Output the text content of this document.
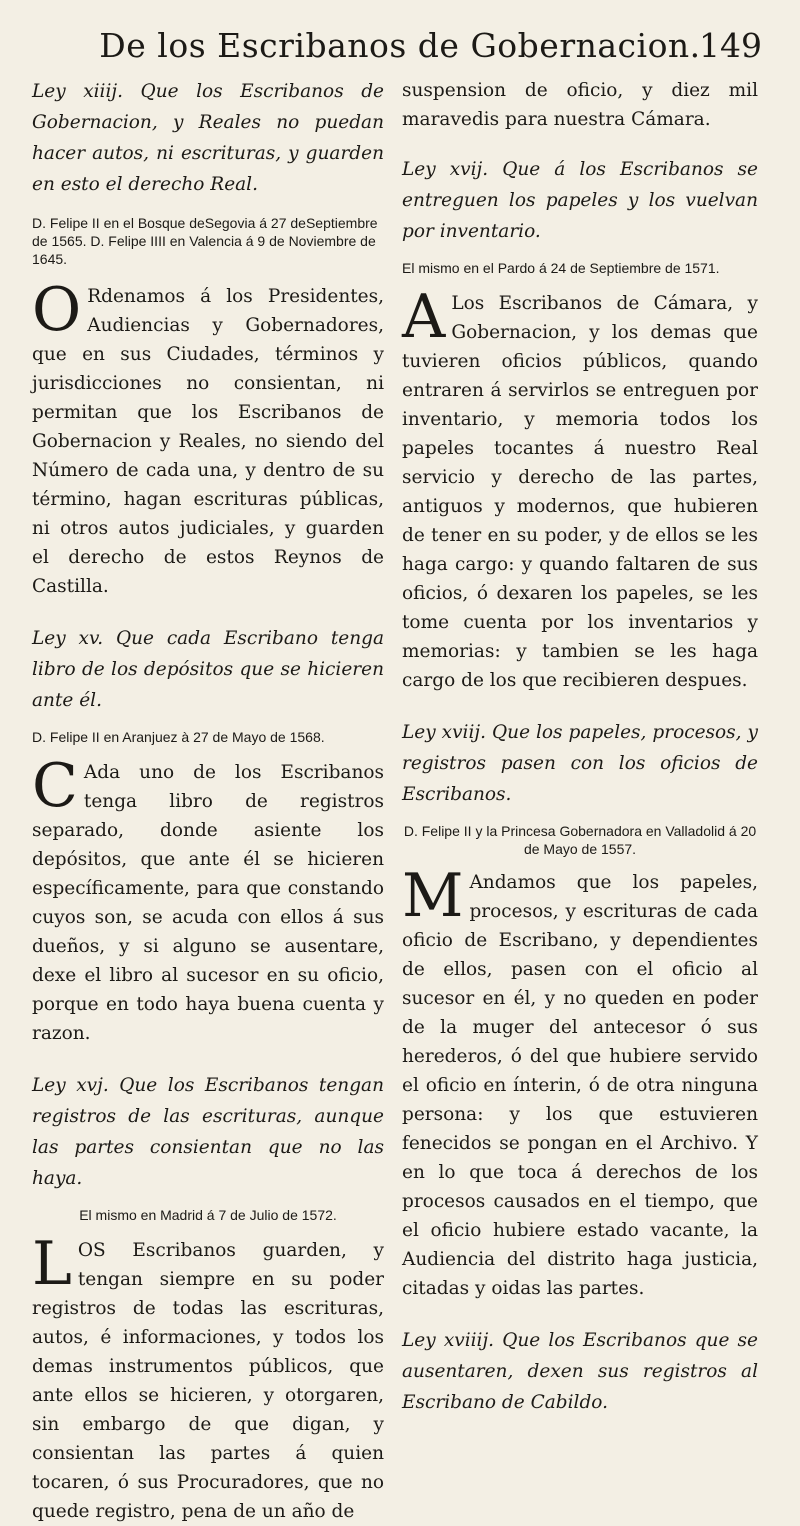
De los Escribanos de Gobernacion.
149

Ley xiiij. Que los Escribanos de Gobernacion, y Reales no puedan hacer autos, ni escrituras, y guarden en esto el derecho Real.

D. Felipe II en el Bosque deSegovia á 27 deSeptiembre de 1565. D. Felipe IIII en Valencia á 9 de Noviembre de 1645.

O Rdenamos á los Presidentes, Audiencias y Gobernadores, que en sus Ciudades, términos y jurisdicciones no consientan, ni permitan que los Escribanos de Gobernacion y Reales, no siendo del Número de cada una, y dentro de su término, hagan escrituras públicas, ni otros autos judiciales, y guarden el derecho de estos Reynos de Castilla.

Ley xv. Que cada Escribano tenga libro de los depósitos que se hicieren ante él.

D. Felipe II en Aranjuez à 27 de Mayo de 1568.

C Ada uno de los Escribanos tenga libro de registros separado, donde asiente los depósitos, que ante él se hicieren específicamente, para que constando cuyos son, se acuda con ellos á sus dueños, y si alguno se ausentare, dexe el libro al sucesor en su oficio, porque en todo haya buena cuenta y razon.

Ley xvj. Que los Escribanos tengan registros de las escrituras, aunque las partes consientan que no las haya.

El mismo en Madrid á 7 de Julio de 1572.

LOS Escribanos guarden, y tengan siempre en su poder registros de todas las escrituras, autos, é informaciones, y todos los demas instrumentos públicos, que ante ellos se hicieren, y otorgaren, sin embargo de que digan, y consientan las partes á quien tocaren, ó sus Procuradores, que no quede registro, pena de un año de

suspension de oficio, y diez mil maravedis para nuestra Cámara.

Ley xvij. Que á los Escribanos se entreguen los papeles y los vuelvan por inventario.

El mismo en el Pardo á 24 de Septiembre de 1571.

A Los Escribanos de Cámara, y Gobernacion, y los demas que tuvieren oficios públicos, quando entraren á servirlos se entreguen por inventario, y memoria todos los papeles tocantes á nuestro Real servicio y derecho de las partes, antiguos y modernos, que hubieren de tener en su poder, y de ellos se les haga cargo: y quando faltaren de sus oficios, ó dexaren los papeles, se les tome cuenta por los inventarios y memorias: y tambien se les haga cargo de los que recibieren despues.

Ley xviij. Que los papeles, procesos, y registros pasen con los oficios de Escribanos.

D. Felipe II y la Princesa Gobernadora en Valladolid á 20 de Mayo de 1557.

M Andamos que los papeles, procesos, y escrituras de cada oficio de Escribano, y dependientes de ellos, pasen con el oficio al sucesor en él, y no queden en poder de la muger del antecesor ó sus herederos, ó del que hubiere servido el oficio en ínterin, ó de otra ninguna persona: y los que estuvieren fenecidos se pongan en el Archivo. Y en lo que toca á derechos de los procesos causados en el tiempo, que el oficio hubiere estado vacante, la Audiencia del distrito haga justicia, citadas y oidas las partes.

Ley xviiij. Que los Escribanos que se ausentaren, dexen sus registros al Escribano de Cabildo.
